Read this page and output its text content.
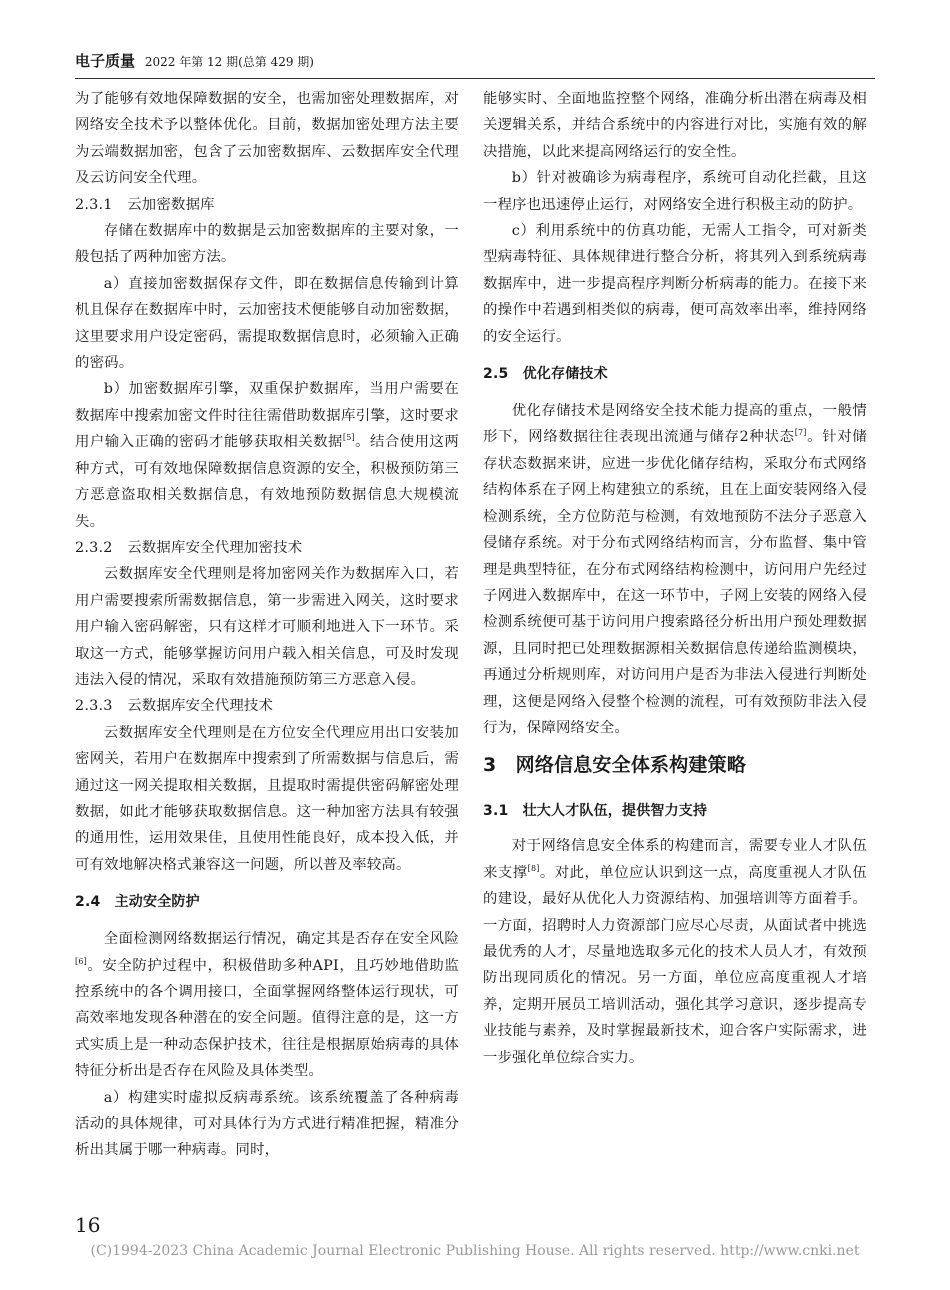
电子质量 2022 年第 12 期(总第 429 期)

为了能够有效地保障数据的安全，也需加密处理数据库，对网络安全技术予以整体优化。目前，数据加密处理方法主要为云端数据加密，包含了云加密数据库、云数据库安全代理及云访问安全代理。

2.3.1　云加密数据库

存储在数据库中的数据是云加密数据库的主要对象，一般包括了两种加密方法。

a）直接加密数据保存文件，即在数据信息传输到计算机且保存在数据库中时，云加密技术便能够自动加密数据，这里要求用户设定密码，需提取数据信息时，必须输入正确的密码。

b）加密数据库引擎，双重保护数据库，当用户需要在数据库中搜索加密文件时往往需借助数据库引擎，这时要求用户输入正确的密码才能够获取相关数据[5]。结合使用这两种方式，可有效地保障数据信息资源的安全，积极预防第三方恶意盗取相关数据信息，有效地预防数据信息大规模流失。

2.3.2　云数据库安全代理加密技术

云数据库安全代理则是将加密网关作为数据库入口，若用户需要搜索所需数据信息，第一步需进入网关，这时要求用户输入密码解密，只有这样才可顺利地进入下一环节。采取这一方式，能够掌握访问用户载入相关信息，可及时发现违法入侵的情况，采取有效措施预防第三方恶意入侵。

2.3.3　云数据库安全代理技术

云数据库安全代理则是在方位安全代理应用出口安装加密网关，若用户在数据库中搜索到了所需数据与信息后，需通过这一网关提取相关数据，且提取时需提供密码解密处理数据，如此才能够获取数据信息。这一种加密方法具有较强的通用性，运用效果佳，且使用性能良好，成本投入低，并可有效地解决格式兼容这一问题，所以普及率较高。

2.4　主动安全防护

全面检测网络数据运行情况，确定其是否存在安全风险[6]。安全防护过程中，积极借助多种API，且巧妙地借助监控系统中的各个调用接口，全面掌握网络整体运行现状，可高效率地发现各种潜在的安全问题。值得注意的是，这一方式实质上是一种动态保护技术，往往是根据原始病毒的具体特征分析出是否存在风险及具体类型。

a）构建实时虚拟反病毒系统。该系统覆盖了各种病毒活动的具体规律，可对具体行为方式进行精准把握，精准分析出其属于哪一种病毒。同时，

能够实时、全面地监控整个网络，准确分析出潜在病毒及相关逻辑关系，并结合系统中的内容进行对比，实施有效的解决措施，以此来提高网络运行的安全性。

b）针对被确诊为病毒程序，系统可自动化拦截，且这一程序也迅速停止运行，对网络安全进行积极主动的防护。

c）利用系统中的仿真功能，无需人工指令，可对新类型病毒特征、具体规律进行整合分析，将其列入到系统病毒数据库中，进一步提高程序判断分析病毒的能力。在接下来的操作中若遇到相类似的病毒，便可高效率出率，维持网络的安全运行。

2.5　优化存储技术

优化存储技术是网络安全技术能力提高的重点，一般情形下，网络数据往往表现出流通与储存2种状态[7]。针对储存状态数据来讲，应进一步优化储存结构，采取分布式网络结构体系在子网上构建独立的系统，且在上面安装网络入侵检测系统，全方位防范与检测，有效地预防不法分子恶意入侵储存系统。对于分布式网络结构而言，分布监督、集中管理是典型特征，在分布式网络结构检测中，访问用户先经过子网进入数据库中，在这一环节中，子网上安装的网络入侵检测系统便可基于访问用户搜索路径分析出用户预处理数据源，且同时把已处理数据源相关数据信息传递给监测模块，再通过分析规则库，对访问用户是否为非法入侵进行判断处理，这便是网络入侵整个检测的流程，可有效预防非法入侵行为，保障网络安全。

3　网络信息安全体系构建策略
3.1　壮大人才队伍，提供智力支持

对于网络信息安全体系的构建而言，需要专业人才队伍来支撑[8]。对此，单位应认识到这一点，高度重视人才队伍的建设，最好从优化人力资源结构、加强培训等方面着手。一方面，招聘时人力资源部门应尽心尽责，从面试者中挑选最优秀的人才，尽量地选取多元化的技术人员人才，有效预防出现同质化的情况。另一方面，单位应高度重视人才培养，定期开展员工培训活动，强化其学习意识，逐步提高专业技能与素养，及时掌握最新技术，迎合客户实际需求，进一步强化单位综合实力。

16
(C)1994-2023 China Academic Journal Electronic Publishing House. All rights reserved. http://www.cnki.net
